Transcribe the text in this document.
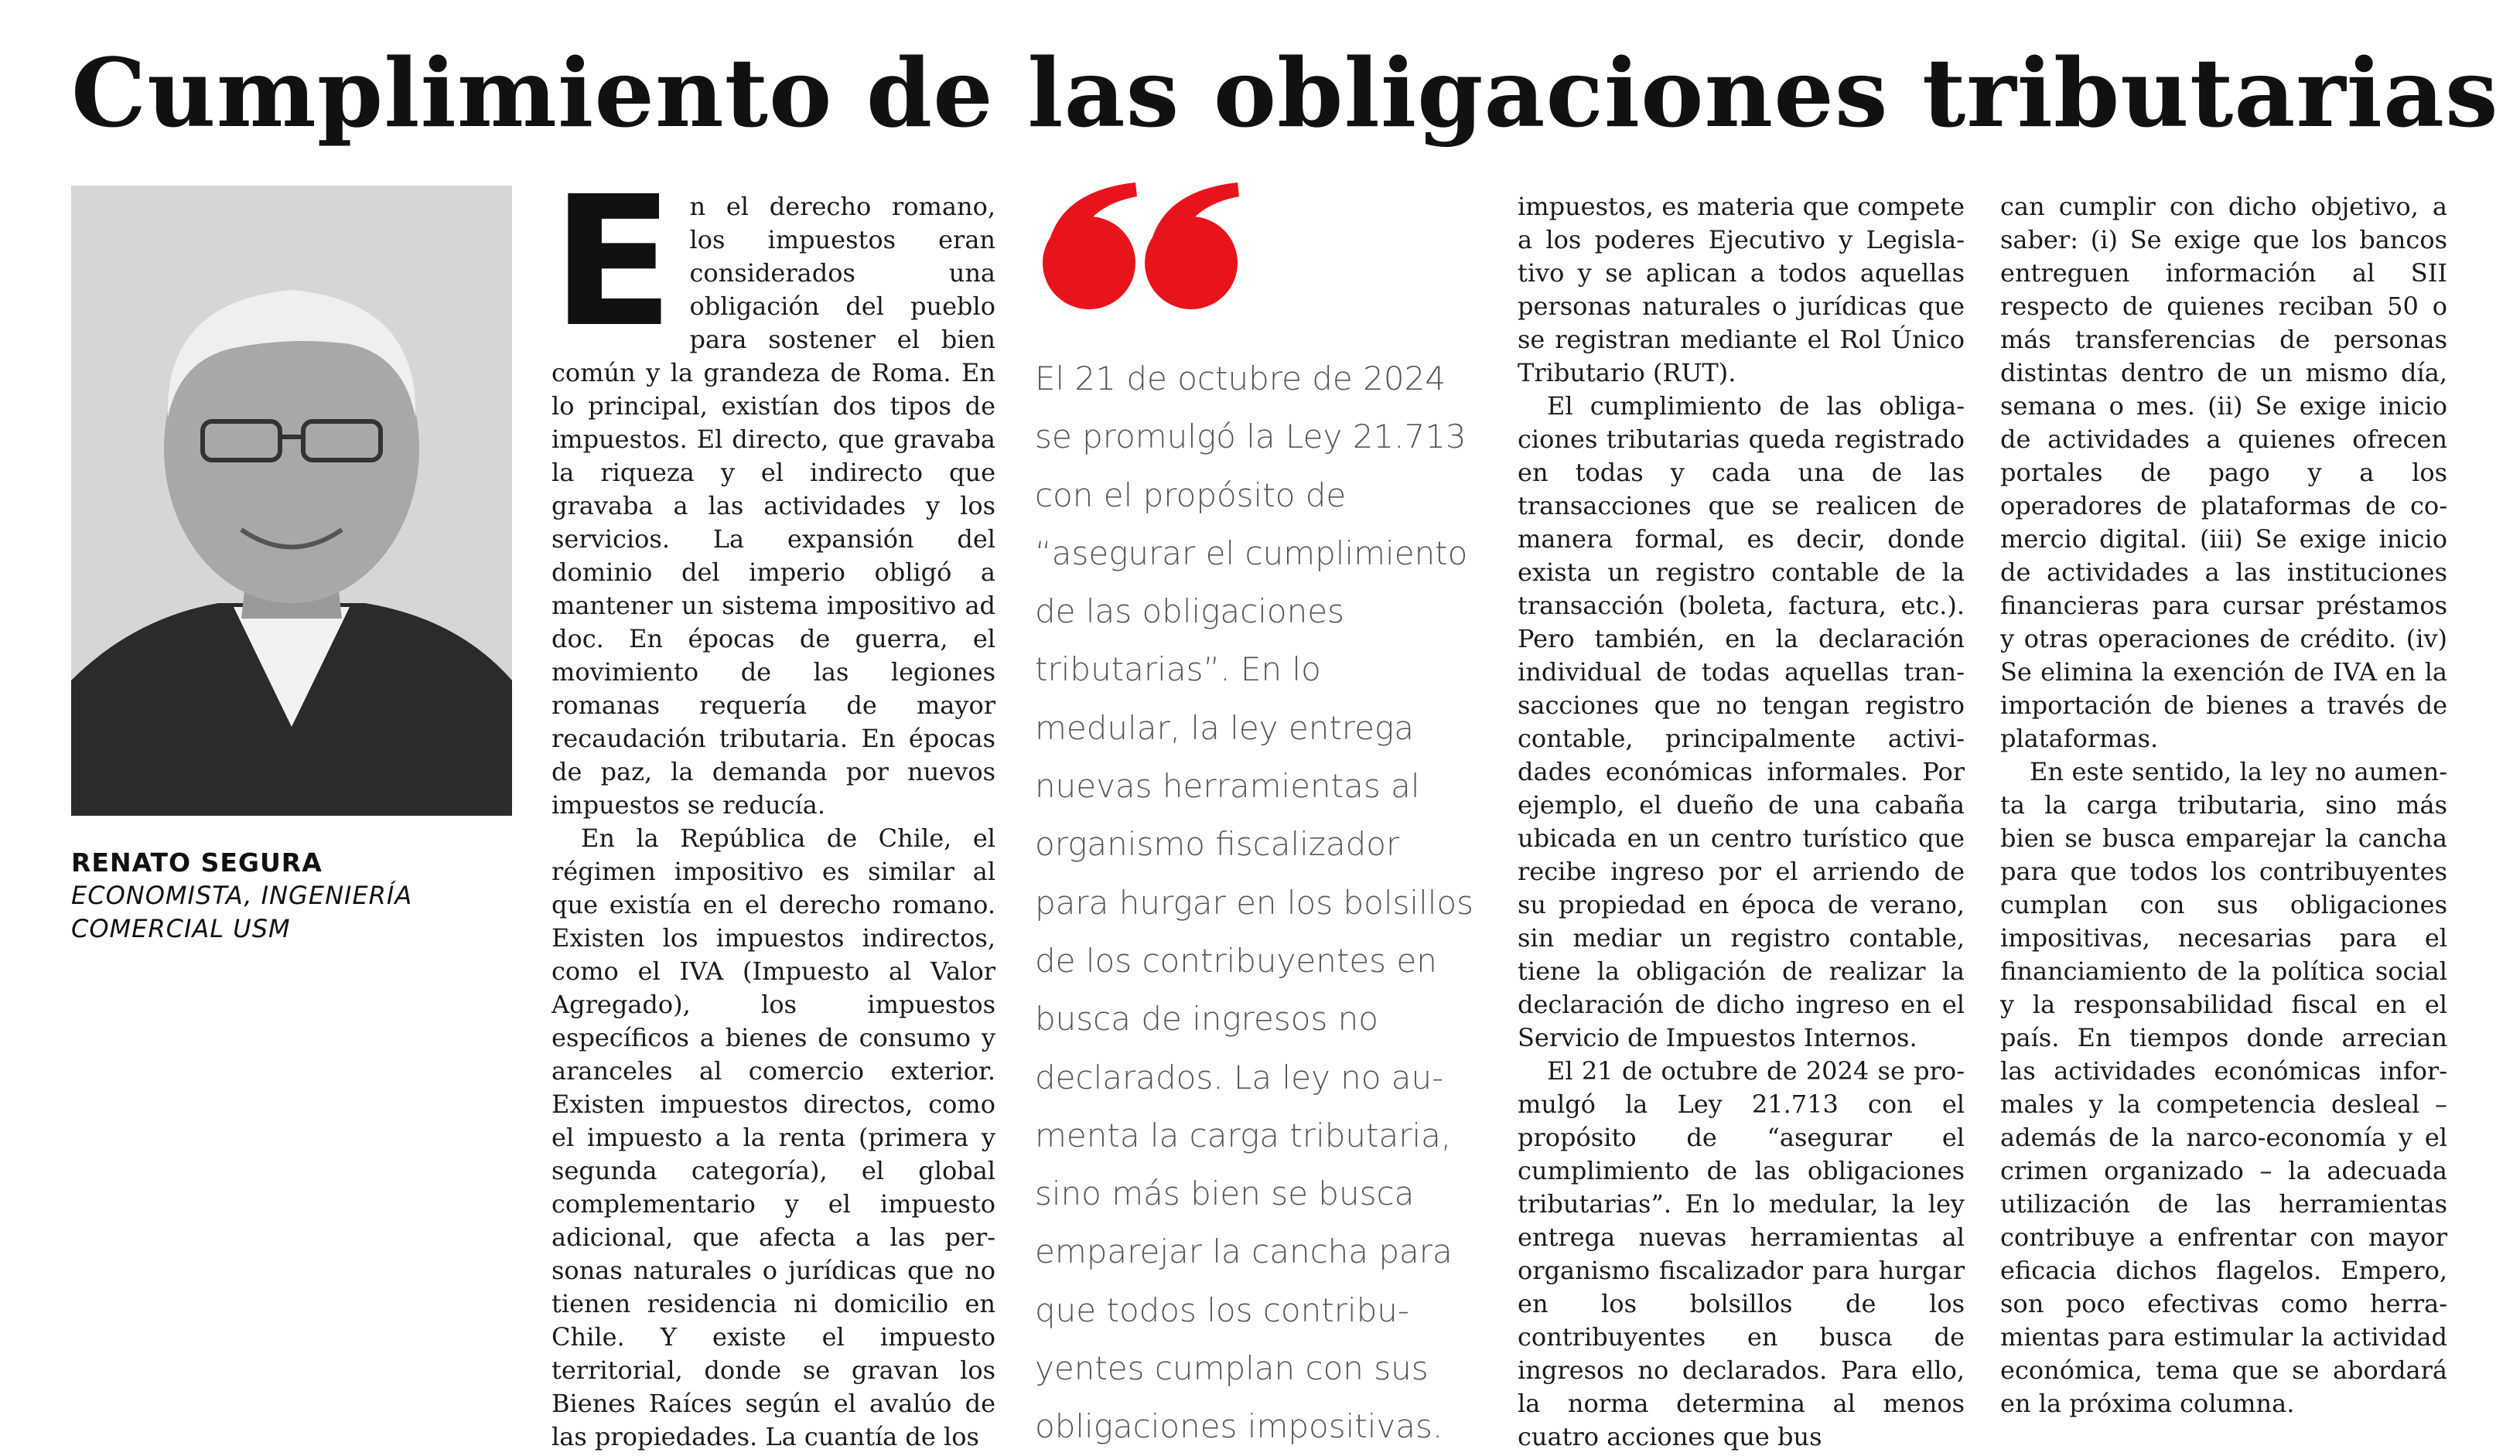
Cumplimiento de las obligaciones tributarias
RENATO SEGURA
ECONOMISTA, INGENIERÍA
COMERCIAL USM
E n el derecho romano, los impuestos eran considerados una obligación del pueblo para sostener el bien común y la grandeza de Roma. En lo principal, existían dos tipos de impuestos. El directo, que gravaba la riqueza y el indirecto que gravaba a las actividades y los servicios. La expansión del dominio del imperio obligó a mantener un sistema impositivo ad doc. En épocas de guerra, el movimiento de las legiones romanas requería de mayor recaudación tributaria. En épocas de paz, la demanda por nuevos impuestos se reducía.

En la República de Chile, el régimen impositivo es similar al que existía en el derecho romano. Existen los impuestos indirectos, como el IVA (Impuesto al Valor Agregado), los impuestos específicos a bienes de consumo y aranceles al comercio exterior. Existen impuestos directos, como el impuesto a la renta (primera y segunda categoría), el global complementario y el impuesto adicional, que afecta a las personas naturales o jurídicas que no tienen residencia ni domicilio en Chile. Y existe el impuesto territorial, donde se gravan los Bienes Raíces según el avalúo de las propiedades. La cuantía de los

El 21 de octubre de 2024 se promulgó la Ley 21.713 con el propósito de “asegurar el cumplimiento de las obligaciones tributarias”. En lo medular, la ley entrega nuevas herramientas al organismo fiscalizador para hurgar en los bolsillos de los contribuyentes en busca de ingresos no declarados. La ley no aumenta la carga tributaria, sino más bien se busca emparejar la cancha para que todos los contribuyentes cumplan con sus obligaciones impositivas.

impuestos, es materia que compete a los poderes Ejecutivo y Legislativo y se aplican a todos aquellas personas naturales o jurídicas que se registran mediante el Rol Único Tributario (RUT).

El cumplimiento de las obligaciones tributarias queda registrado en todas y cada una de las transacciones que se realicen de manera formal, es decir, donde exista un registro contable de la transacción (boleta, factura, etc.). Pero también, en la declaración individual de todas aquellas transacciones que no tengan registro contable, principalmente actividades económicas informales. Por ejemplo, el dueño de una cabaña ubicada en un centro turístico que recibe ingreso por el arriendo de su propiedad en época de verano, sin mediar un registro contable, tiene la obligación de realizar la declaración de dicho ingreso en el Servicio de Impuestos Internos.

El 21 de octubre de 2024 se promulgó la Ley 21.713 con el propósito de “asegurar el cumplimiento de las obligaciones tributarias”. En lo medular, la ley entrega nuevas herramientas al organismo fiscalizador para hurgar en los bolsillos de los contribuyentes en busca de ingresos no declarados. Para ello, la norma determina al menos cuatro acciones que bus

can cumplir con dicho objetivo, a saber: (i) Se exige que los bancos entreguen información al SII respecto de quienes reciban 50 o más transferencias de personas distintas dentro de un mismo día, semana o mes. (ii) Se exige inicio de actividades a quienes ofrecen portales de pago y a los operadores de plataformas de comercio digital. (iii) Se exige inicio de actividades a las instituciones financieras para cursar préstamos y otras operaciones de crédito. (iv) Se elimina la exención de IVA en la importación de bienes a través de plataformas.

En este sentido, la ley no aumenta la carga tributaria, sino más bien se busca emparejar la cancha para que todos los contribuyentes cumplan con sus obligaciones impositivas, necesarias para el financiamiento de la política social y la responsabilidad fiscal en el país. En tiempos donde arrecian las actividades económicas informales y la competencia desleal – además de la narco-economía y el crimen organizado – la adecuada utilización de las herramientas contribuye a enfrentar con mayor eficacia dichos flagelos. Empero, son poco efectivas como herramientas para estimular la actividad económica, tema que se abordará en la próxima columna.
